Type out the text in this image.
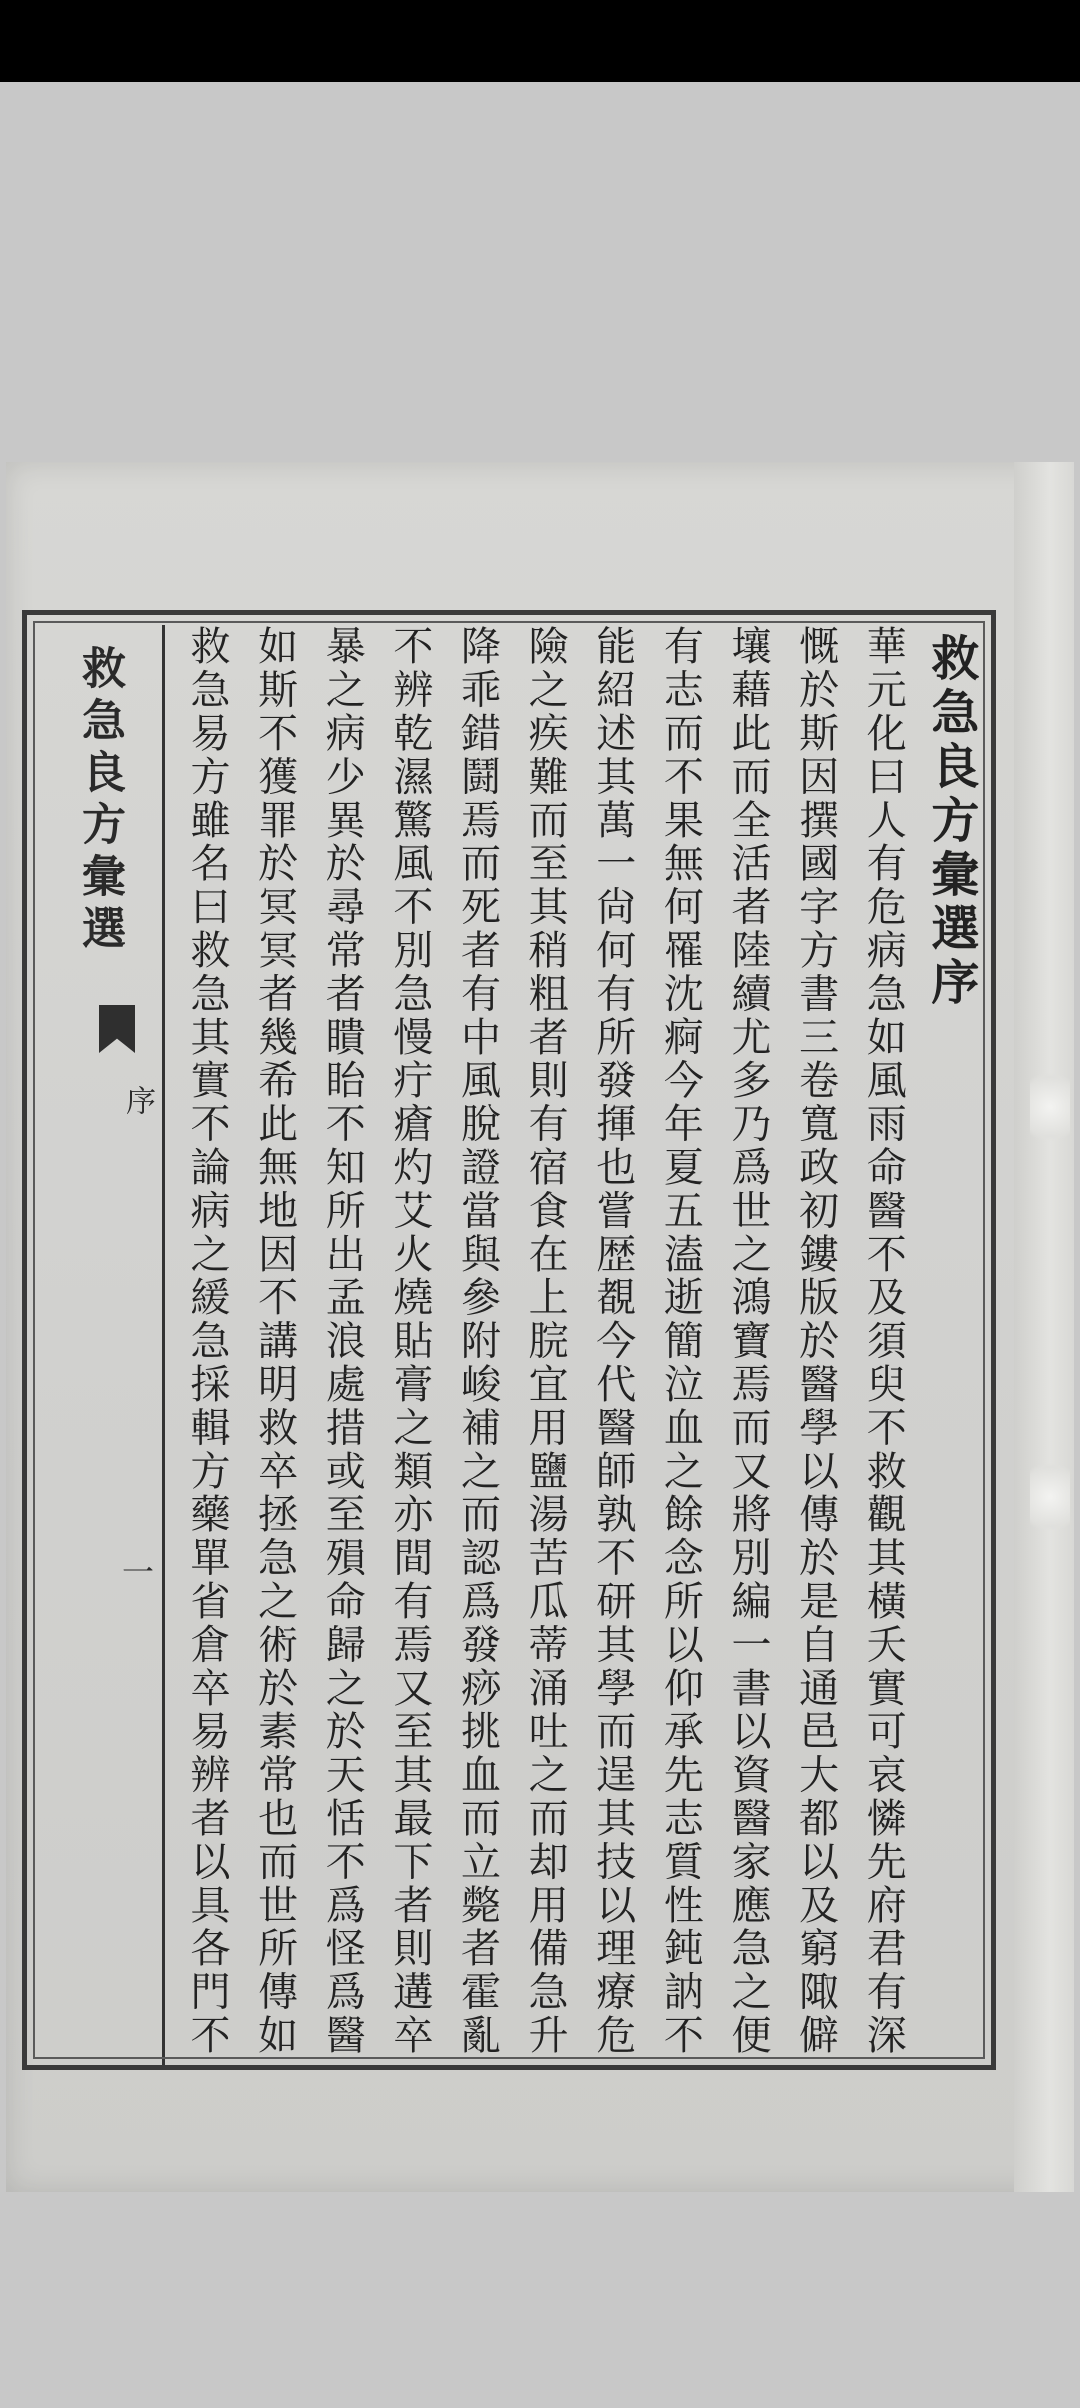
救急良方彙選
序
一
救急良方彙選序
華元化曰人有危病急如風雨命醫不及須臾不救觀其橫夭實可哀憐先府君有深
慨於斯因撰國字方書三卷寬政初鏤版於醫學以傳於是自通邑大都以及窮陬僻
壤藉此而全活者陸續尤多乃爲世之鴻寶焉而又將別編一書以資醫家應急之便
有志而不果無何罹沈痾今年夏五溘逝簡泣血之餘念所以仰承先志質性鈍訥不
能紹述其萬一尙何有所發揮也嘗歴覩今代醫師孰不研其學而逞其技以理療危
險之疾難而至其稍粗者則有宿食在上脘宜用鹽湯苦瓜蒂涌吐之而却用備急升
降乖錯鬪焉而死者有中風脫證當與參附峻補之而認爲發痧挑血而立斃者霍亂
不辨乾濕驚風不別急慢疔瘡灼艾火燒貼膏之類亦間有焉又至其最下者則遘卒
暴之病少異於尋常者瞶眙不知所出孟浪處措或至殞命歸之於天恬不爲怪爲醫
如斯不獲罪於冥冥者幾希此無地因不講明救卒拯急之術於素常也而世所傳如
救急易方雖名曰救急其實不論病之緩急採輯方藥單省倉卒易辨者以具各門不
